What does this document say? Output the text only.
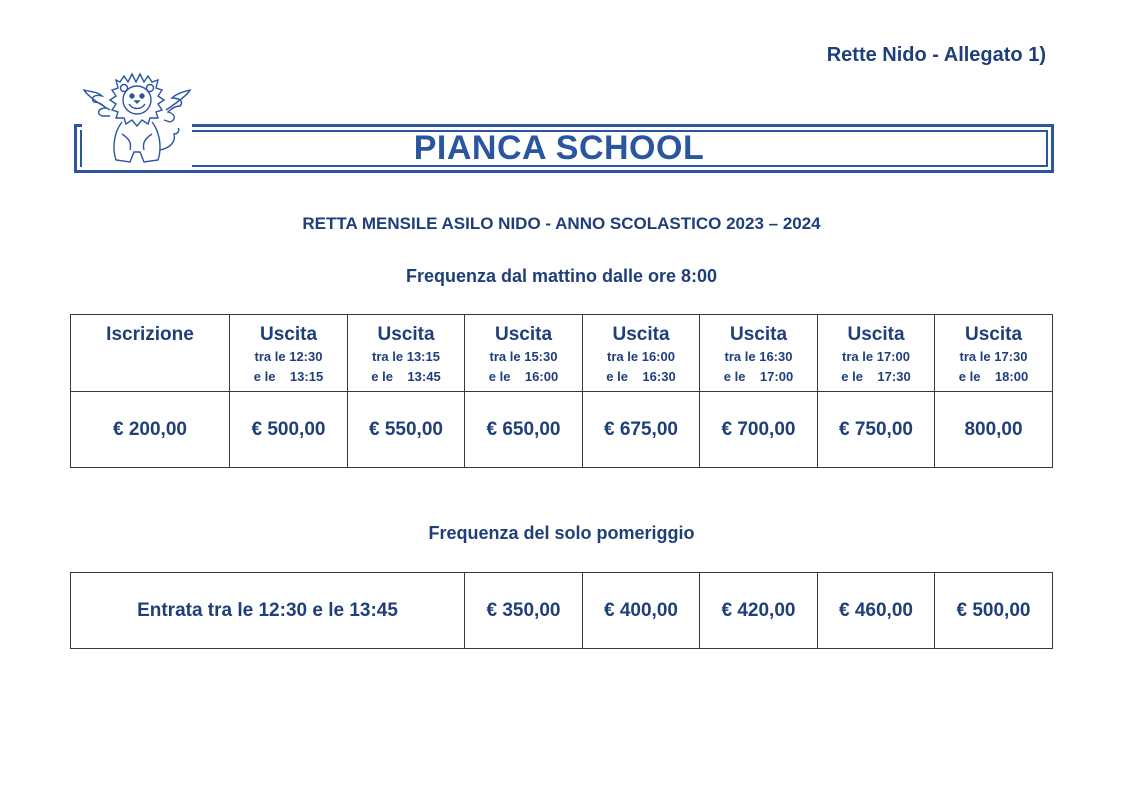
Rette Nido - Allegato 1)
PIANCA SCHOOL
RETTA MENSILE ASILO NIDO - ANNO SCOLASTICO 2023 – 2024
Frequenza dal mattino dalle ore 8:00
Iscrizione	Uscita
tra le 12:30
e le    13:15	Uscita
tra le 13:15
e le    13:45	Uscita
tra le 15:30
e le    16:00	Uscita
tra le 16:00
e le    16:30	Uscita
tra le 16:30
e le    17:00	Uscita
tra le 17:00
e le    17:30	Uscita
tra le 17:30
e le    18:00

€ 200,00	€ 500,00	€ 550,00	€ 650,00	€ 675,00	€ 700,00	€ 750,00	800,00
Frequenza del solo pomeriggio
Entrata tra le 12:30 e le 13:45	€ 350,00	€ 400,00	€ 420,00	€ 460,00	€ 500,00
